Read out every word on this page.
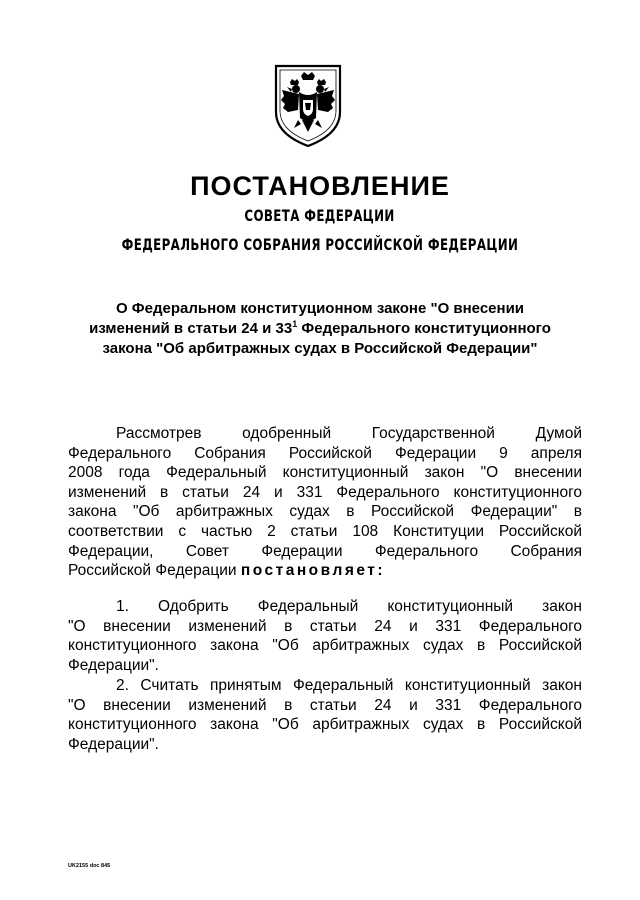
ПОСТАНОВЛЕНИЕ
СОВЕТА ФЕДЕРАЦИИ
ФЕДЕРАЛЬНОГО СОБРАНИЯ РОССИЙСКОЙ ФЕДЕРАЦИИ
О Федеральном конституционном законе "О внесении
изменений в статьи 24 и $33^1$ Федерального конституционного
закона "Об арбитражных судах в Российской Федерации"
Рассмотрев одобренный Государственной Думой
Федерального Собрания Российской Федерации 9 апреля
2008 года Федеральный конституционный закон "О внесении
изменений в статьи 24 и 331 Федерального конституционного
закона "Об арбитражных судах в Российской Федерации" в
соответствии с частью 2 статьи 108 Конституции Российской
Федерации, Совет Федерации Федерального Собрания
Российской Федерации постановляет:
1. Одобрить Федеральный конституционный закон
"О внесении изменений в статьи 24 и 331 Федерального
конституционного закона "Об арбитражных судах в Российской
Федерации".
2. Считать принятым Федеральный конституционный закон
"О внесении изменений в статьи 24 и 331 Федерального
конституционного закона "Об арбитражных судах в Российской
Федерации".
UK2155 doc 845
